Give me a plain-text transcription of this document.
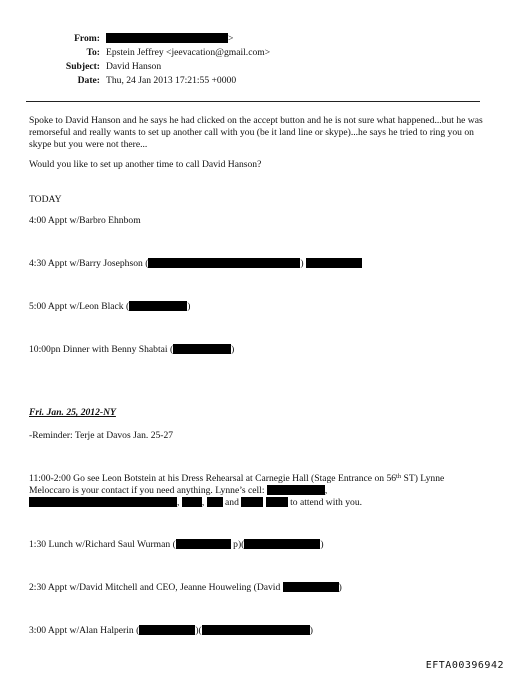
From:	>
To: Epstein Jeffrey <jeevacation@gmail.com>
Subject: David Hanson
Date: Thu, 24 Jan 2013 17:21:55 +0000
Spoke to David Hanson and he says he had clicked on the accept button and he is not sure what happened...but he was remorseful and really wants to set up another call with you (be it land line or skype)...he says he tried to ring you on skype but you were not there...
Would you like to set up another time to call David Hanson?
TODAY
4:00 Appt w/Barbro Ehnbom
4:30 Appt w/Barry Josephson (	)
5:00 Appt w/Leon Black (	)
10:00pn Dinner with Benny Shabtai (	)
Fri. Jan. 25, 2012-NY
-Reminder: Terje at Davos Jan. 25-27
11:00-2:00 Go see Leon Botstein at his Dress Rehearsal at Carnegie Hall (Stage Entrance on 56th ST) Lynne
Meloccaro is your contact if you need anything. Lynne’s cell:	,
, ,  and	to attend with you.
1:30 Lunch w/Richard Saul Wurman (	p)(	)
2:30 Appt w/David Mitchell and CEO, Jeanne Houweling (David	)
3:00 Appt w/Alan Halperin (	)(	)
EFTA00396942
